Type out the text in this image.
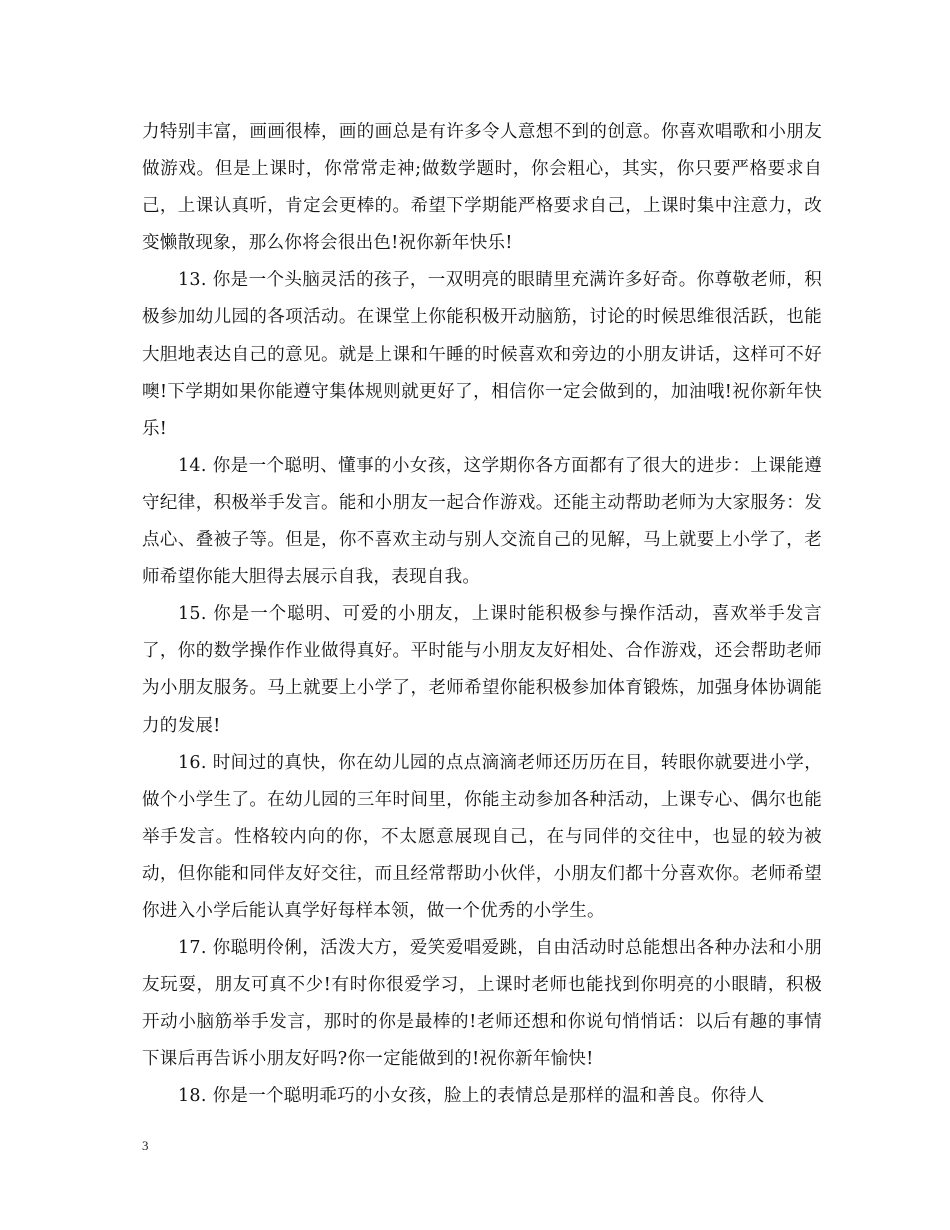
力特别丰富，画画很棒，画的画总是有许多令人意想不到的创意。你喜欢唱歌和小朋友做游戏。但是上课时，你常常走神;做数学题时，你会粗心，其实，你只要严格要求自己，上课认真听，肯定会更棒的。希望下学期能严格要求自己，上课时集中注意力，改变懒散现象，那么你将会很出色!祝你新年快乐!

13. 你是一个头脑灵活的孩子，一双明亮的眼睛里充满许多好奇。你尊敬老师，积极参加幼儿园的各项活动。在课堂上你能积极开动脑筋，讨论的时候思维很活跃，也能大胆地表达自己的意见。就是上课和午睡的时候喜欢和旁边的小朋友讲话，这样可不好噢!下学期如果你能遵守集体规则就更好了，相信你一定会做到的，加油哦!祝你新年快乐!

14. 你是一个聪明、懂事的小女孩，这学期你各方面都有了很大的进步：上课能遵守纪律，积极举手发言。能和小朋友一起合作游戏。还能主动帮助老师为大家服务：发点心、叠被子等。但是，你不喜欢主动与别人交流自己的见解，马上就要上小学了，老师希望你能大胆得去展示自我，表现自我。

15. 你是一个聪明、可爱的小朋友，上课时能积极参与操作活动，喜欢举手发言了，你的数学操作作业做得真好。平时能与小朋友友好相处、合作游戏，还会帮助老师为小朋友服务。马上就要上小学了，老师希望你能积极参加体育锻炼，加强身体协调能力的发展!

16. 时间过的真快，你在幼儿园的点点滴滴老师还历历在目，转眼你就要进小学，做个小学生了。在幼儿园的三年时间里，你能主动参加各种活动，上课专心、偶尔也能举手发言。性格较内向的你，不太愿意展现自己，在与同伴的交往中，也显的较为被动，但你能和同伴友好交往，而且经常帮助小伙伴，小朋友们都十分喜欢你。老师希望你进入小学后能认真学好每样本领，做一个优秀的小学生。

17. 你聪明伶俐，活泼大方，爱笑爱唱爱跳，自由活动时总能想出各种办法和小朋友玩耍，朋友可真不少!有时你很爱学习，上课时老师也能找到你明亮的小眼睛，积极开动小脑筋举手发言，那时的你是最棒的!老师还想和你说句悄悄话：以后有趣的事情下课后再告诉小朋友好吗?你一定能做到的!祝你新年愉快!

18. 你是一个聪明乖巧的小女孩，脸上的表情总是那样的温和善良。你待人

3
